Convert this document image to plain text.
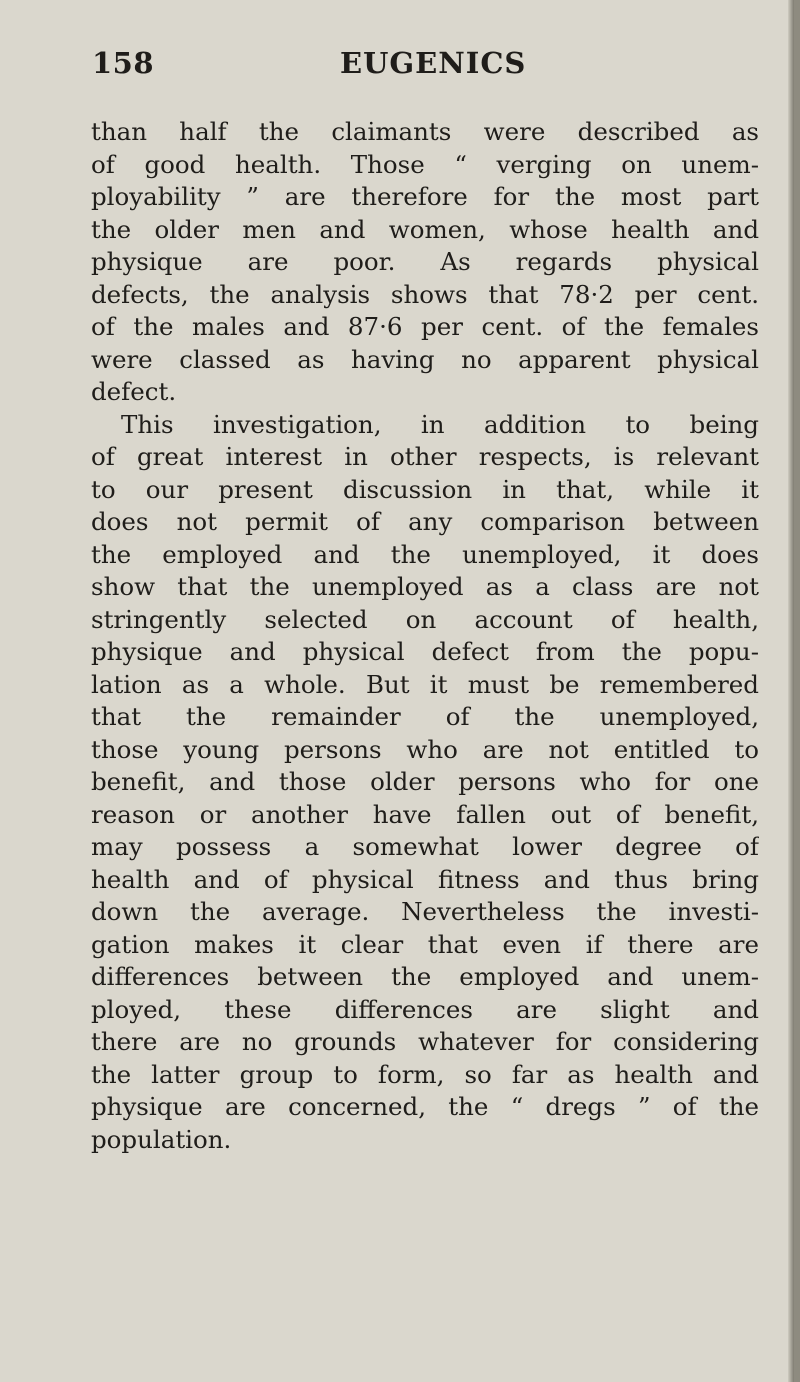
158	EUGENICS
than half the claimants were described as
of good health. Those “ verging on unem-
ployability ” are therefore for the most part
the older men and women, whose health and
physique are poor. As regards physical
defects, the analysis shows that 78·2 per cent.
of the males and 87·6 per cent. of the females
were classed as having no apparent physical
defect.
This investigation, in addition to being
of great interest in other respects, is relevant
to our present discussion in that, while it
does not permit of any comparison between
the employed and the unemployed, it does
show that the unemployed as a class are not
stringently selected on account of health,
physique and physical defect from the popu-
lation as a whole. But it must be remembered
that the remainder of the unemployed,
those young persons who are not entitled to
benefit, and those older persons who for one
reason or another have fallen out of benefit,
may possess a somewhat lower degree of
health and of physical fitness and thus bring
down the average. Nevertheless the investi-
gation makes it clear that even if there are
differences between the employed and unem-
ployed, these differences are slight and
there are no grounds whatever for considering
the latter group to form, so far as health and
physique are concerned, the “ dregs ” of the
population.
